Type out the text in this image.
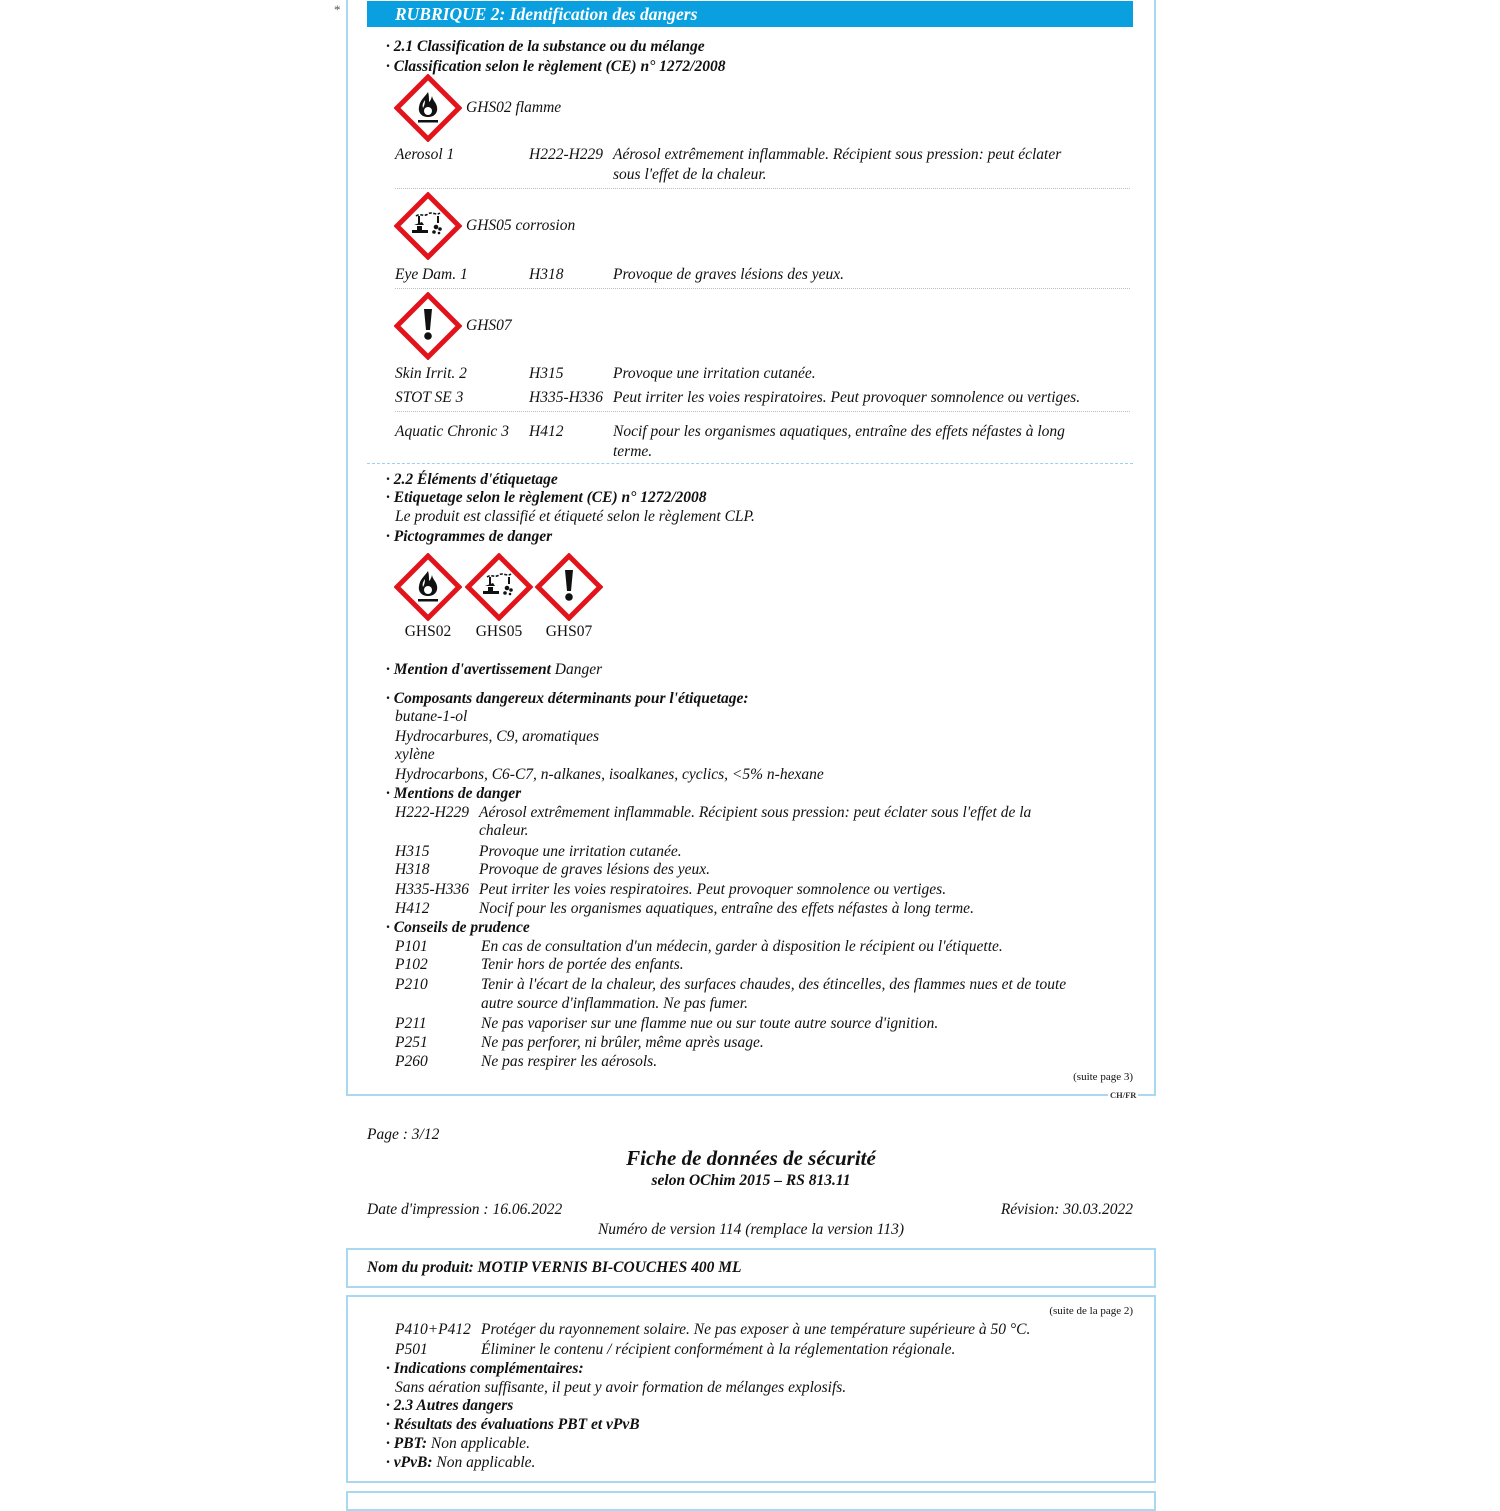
*	RUBRIQUE 2: Identification des dangers
· 2.1 Classification de la substance ou du mélange
· Classification selon le règlement (CE) n° 1272/2008
GHS02 flamme
Aerosol 1	H222-H229 Aérosol extrêmement inflammable. Récipient sous pression: peut éclater
sous l'effet de la chaleur.
GHS05 corrosion
Eye Dam. 1	H318	Provoque de graves lésions des yeux.
GHS07
Skin Irrit. 2	H315	Provoque une irritation cutanée.
STOT SE 3	H335-H336 Peut irriter les voies respiratoires. Peut provoquer somnolence ou vertiges.
Aquatic Chronic 3 H412	Nocif pour les organismes aquatiques, entraîne des effets néfastes à long
terme.
· 2.2 Éléments d'étiquetage
· Etiquetage selon le règlement (CE) n° 1272/2008
Le produit est classifié et étiqueté selon le règlement CLP.
· Pictogrammes de danger
GHS02	GHS05	GHS07
· Mention d'avertissement Danger
· Composants dangereux déterminants pour l'étiquetage:
butane-1-ol
Hydrocarbures, C9, aromatiques
xylène
Hydrocarbons, C6-C7, n-alkanes, isoalkanes, cyclics, <5% n-hexane
· Mentions de danger
H222-H229 Aérosol extrêmement inflammable. Récipient sous pression: peut éclater sous l'effet de la
chaleur.
H315	Provoque une irritation cutanée.
H318	Provoque de graves lésions des yeux.
H335-H336 Peut irriter les voies respiratoires. Peut provoquer somnolence ou vertiges.
H412	Nocif pour les organismes aquatiques, entraîne des effets néfastes à long terme.
· Conseils de prudence
P101	En cas de consultation d'un médecin, garder à disposition le récipient ou l'étiquette.
P102	Tenir hors de portée des enfants.
P210	Tenir à l'écart de la chaleur, des surfaces chaudes, des étincelles, des flammes nues et de toute
autre source d'inflammation. Ne pas fumer.
P211	Ne pas vaporiser sur une flamme nue ou sur toute autre source d'ignition.
P251	Ne pas perforer, ni brûler, même après usage.
P260	Ne pas respirer les aérosols.
(suite page 3)
CH/FR
Page : 3/12
Fiche de données de sécurité
selon OChim 2015 – RS 813.11
Date d'impression : 16.06.2022	Révision: 30.03.2022
Numéro de version 114 (remplace la version 113)
Nom du produit: MOTIP VERNIS BI-COUCHES 400 ML
(suite de la page 2)
P410+P412 Protéger du rayonnement solaire. Ne pas exposer à une température supérieure à 50 °C.
P501	Éliminer le contenu / récipient conformément à la réglementation régionale.
· Indications complémentaires:
Sans aération suffisante, il peut y avoir formation de mélanges explosifs.
· 2.3 Autres dangers
· Résultats des évaluations PBT et vPvB
· PBT: Non applicable.
· vPvB: Non applicable.
